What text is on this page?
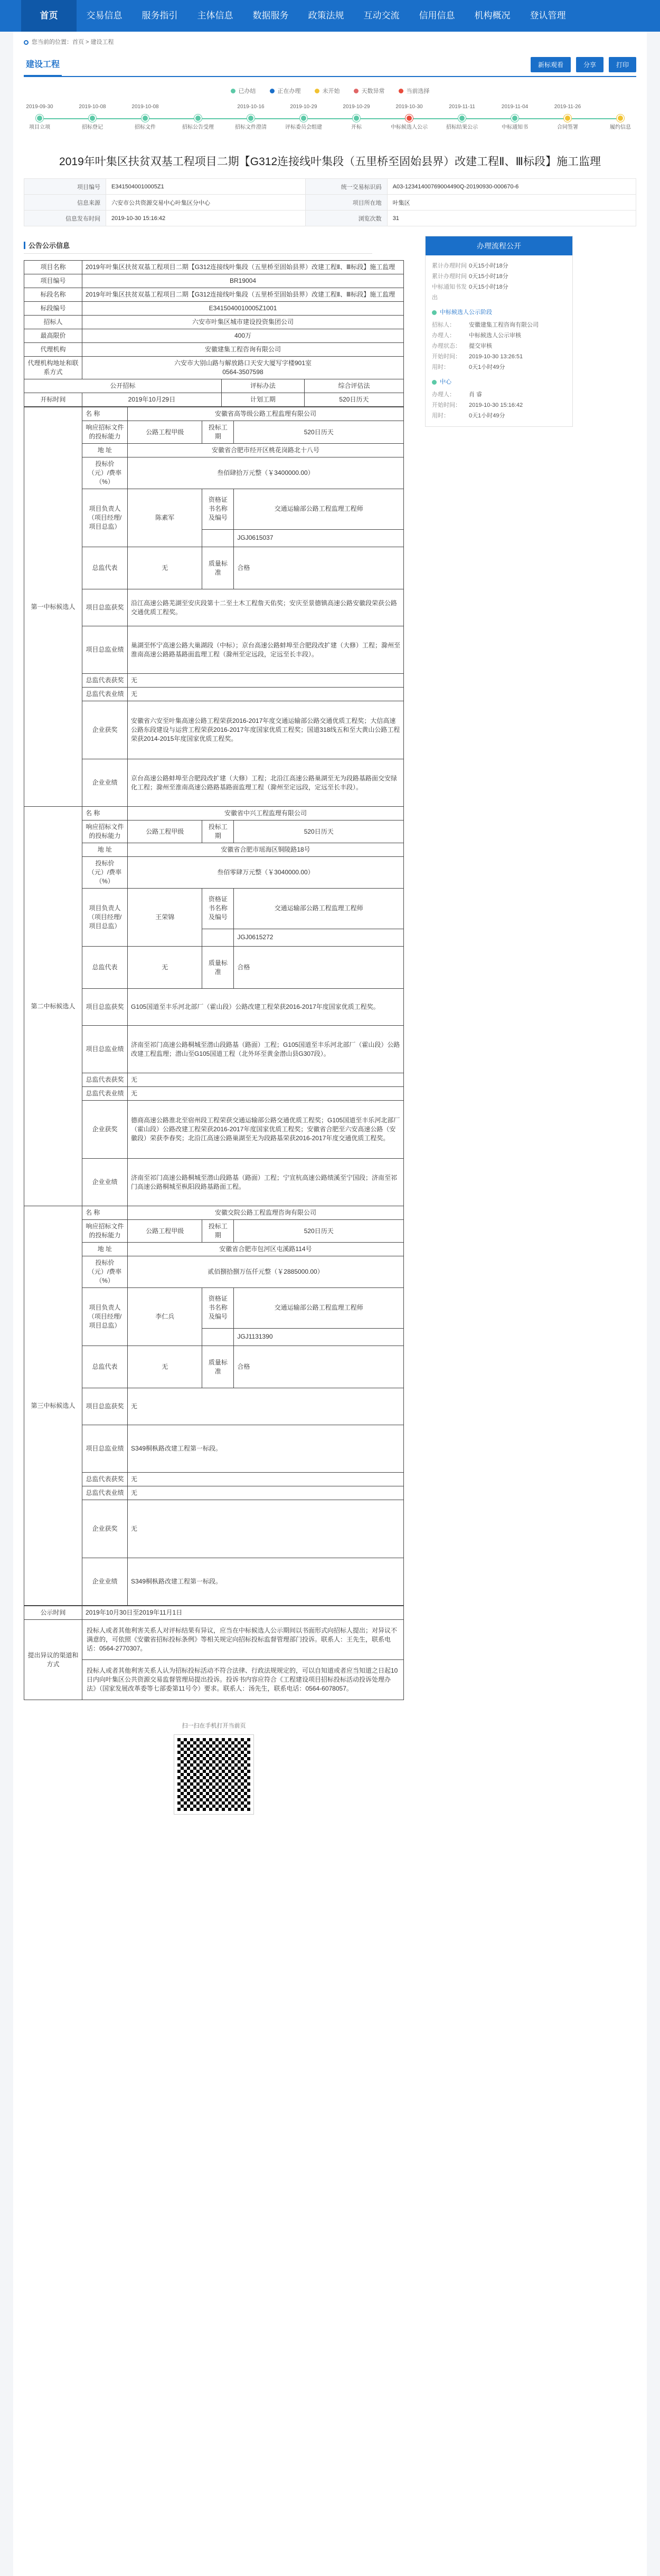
首页	交易信息	服务指引	主体信息	数据服务	政策法规	互动交流	信用信息	机构概况	登认管理
您当前的位置：首页 > 建设工程
建设工程	新标观看	分享	打印
已办结	正在办理	未开始	天数异常	当前选择
2019-09-30
项目立项
2019-10-08
招标登记
2019-10-08
招标文件	招标公告受理
2019-10-16
招标文件澄清
2019-10-29
评标委员会组建
2019-10-29
开标
2019-10-30
中标候选人公示
2019-11-11
招标结果公示
2019-11-04
中标通知书
2019-11-26
合同签署	履约信息
2019年叶集区扶贫双基工程项目二期【G312连接线叶集段（五里桥至固始县界）改建工程Ⅱ、Ⅲ标段】施工监理
项目编号	E3415040010005Z1	统一交易标识码	A03-12341400769004490Q-20190930-000670-6
信息来源	六安市公共资源交易中心叶集区分中心	项目所在地	叶集区
信息发布时间	2019-10-30 15:16:42	浏览次数	31
公告公示信息
项目名称	2019年叶集区扶贫双基工程项目二期【G312连接线叶集段（五里桥至固始县界）改建工程Ⅱ、Ⅲ标段】施工监理		
项目编号	BR19004		
标段名称	2019年叶集区扶贫双基工程项目二期【G312连接线叶集段（五里桥至固始县界）改建工程Ⅱ、Ⅲ标段】施工监理		
标段编号	E3415040010005Z1001		
招标人	六安市叶集区城市建设投资集团公司		
最高限价	400万		
代理机构	安徽建集工程咨询有限公司		
代理机构地址和联系方式	六安市大别山路与解放路口天安大厦写字楼901室
0564-3507598		

公开招标		评标办法	综合评估法
开标时间	2019年10月29日	计划工期	520日历天
第一中标候选人	名 称	安徽省高等级公路工程监理有限公司		
	响应招标文件的投标能力	公路工程甲级	投标工期	520日历天
	地 址	安徽省合肥市经开区桃花岗路北十八号		
	投标价（元）/费率（%）	叁佰肆拾万元整（￥3400000.00）		
	项目负责人（项目经理/项目总监）	陈素军	资格证书名称及编号	交通运输部公路工程监理工程师
				JGJ0615037
	总监代表	无	质量标准	合格
	项目总监获奖	沿江高速公路芜湖至安庆段第十二至土木工程詹天佑奖；安庆至景德镇高速公路安徽段荣获公路交通优质工程奖。		
	项目总监业绩	巢湖至怀宁高速公路大巢湖段（中标）；京台高速公路蚌埠至合肥段改扩建（大修）工程；滁州至淮南高速公路路基路面监理工程（滁州至定远段，定远至长丰段）。		
	总监代表获奖	无		
	总监代表业绩	无		
	企业获奖	安徽省六安至叶集高速公路工程荣获2016-2017年度交通运输部公路交通优质工程奖；大信高速公路东段建设与运营工程荣获2016-2017年度国家优质工程奖；国道318线五和至大黄山公路工程荣获2014-2015年度国家优质工程奖。		
	企业业绩	京台高速公路蚌埠至合肥段改扩建（大修）工程；北沿江高速公路巢湖至无为段路基路面交安绿化工程；滁州至淮南高速公路路基路面监理工程（滁州至定远段，定远至长丰段）。		
第二中标候选人	名 称	安徽省中兴工程监理有限公司		
	响应招标文件的投标能力	公路工程甲级	投标工期	520日历天
	地 址	安徽省合肥市瑶海区铜陵路18号		
	投标价（元）/费率（%）	叁佰零肆万元整（￥3040000.00）		
	项目负责人（项目经理/项目总监）	王荣锦	资格证书名称及编号	交通运输部公路工程监理工程师
				JGJ0615272
	总监代表	无	质量标准	合格
	项目总监获奖	G105国道至丰乐河北部厂（霍山段）公路改建工程荣获2016-2017年度国家优质工程奖。		
	项目总监业绩	济南至祁门高速公路桐城至潜山段路基（路面）工程；G105国道至丰乐河北部厂（霍山段）公路改建工程监理；潜山至G105国道工程（北外环至黄金潜山县G307段）。		
	总监代表获奖	无		
	总监代表业绩	无		
	企业获奖	德商高速公路淮北至宿州段工程荣获交通运输部公路交通优质工程奖；G105国道至丰乐河北部厂（霍山段）公路改建工程荣获2016-2017年度国家优质工程奖；安徽省合肥至六安高速公路（安徽段）荣获李春奖；北沿江高速公路巢湖至无为段路基荣获2016-2017年度交通优质工程奖。		
	企业业绩	济南至祁门高速公路桐城至潜山段路基（路面）工程；宁宣杭高速公路绩溪至宁国段；济南至祁门高速公路桐城至枞阳段路基路面工程。		
第三中标候选人	名 称	安徽交院公路工程监理咨询有限公司		
	响应招标文件的投标能力	公路工程甲级	投标工期	520日历天
	地 址	安徽省合肥市包河区屯溪路114号		
	投标价（元）/费率（%）	贰佰捌拾捌万伍仟元整（￥2885000.00）		
	项目负责人（项目经理/项目总监）	李仁兵	资格证书名称及编号	交通运输部公路工程监理工程师
				JGJ1131390
	总监代表	无	质量标准	合格
	项目总监获奖	无		
	项目总监业绩	S349桐枞路改建工程第一标段。		
	总监代表获奖	无		
	总监代表业绩	无		
	企业获奖	无		
	企业业绩	S349桐枞路改建工程第一标段。		
公示时间	2019年10月30日至2019年11月1日
提出异议的渠道和方式	投标人或者其他利害关系人对评标结果有异议，应当在中标候选人公示期间以书面形式向招标人提出；对异议不满意的，可依照《安徽省招标投标条例》等相关规定向招标投标监督管理部门投诉。联系人：王先生，联系电话：0564-2770307。
	投标人或者其他利害关系人认为招标投标活动不符合法律、行政法规规定的，可以自知道或者应当知道之日起10日内向叶集区公共资源交易监督管理局提出投诉。投诉书内容应符合《工程建设项目招标投标活动投诉处理办法》（国家发展改革委等七部委第11号令）要求。联系人：汤先生，联系电话：0564-6078057。
扫一扫在手机打开当前页
办理流程公开
累计办理时间 0天15小时18分
累计办理时间 0天15小时18分
中标通知书发出
0天15小时18分
中标候选人公示阶段
招标人：	安徽建集工程咨询有限公司
办理人：	中标候选人公示审核
办理状态：	提交审核
开始时间：	2019-10-30 13:26:51
用时：	0天1小时49分
中心
办理人：	肖 睿
开始时间：	2019-10-30 15:16:42
用时：	0天1小时49分
